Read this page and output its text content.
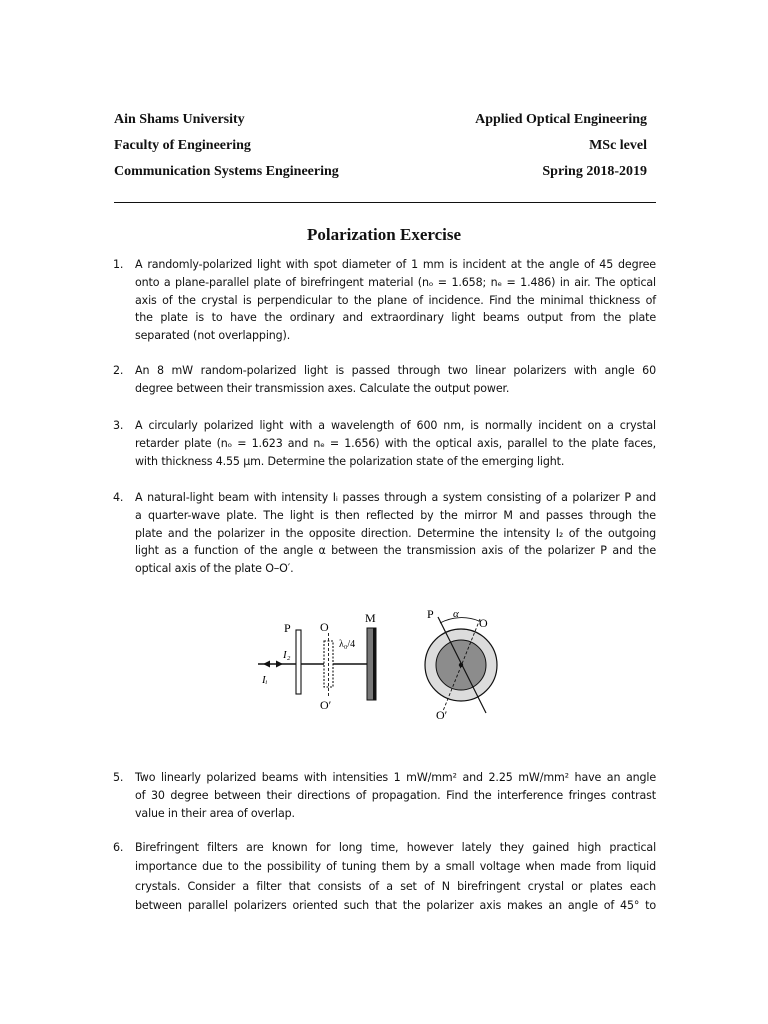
Ain Shams University	Applied Optical Engineering
Faculty of Engineering	MSc level
Communication Systems Engineering	Spring 2018-2019
Polarization Exercise
1. A randomly-polarized light with spot diameter of 1 mm is incident at the angle of 45 degree
onto a plane-parallel plate of birefringent material (nₒ = 1.658; nₑ = 1.486) in air. The optical
axis of the crystal is perpendicular to the plane of incidence. Find the minimal thickness of
the plate is to have the ordinary and extraordinary light beams output from the plate
separated (not overlapping).
2. An 8 mW random-polarized light is passed through two linear polarizers with angle 60
degree between their transmission axes. Calculate the output power.
3. A circularly polarized light with a wavelength of 600 nm, is normally incident on a crystal
retarder plate (nₒ = 1.623 and nₑ = 1.656) with the optical axis, parallel to the plate faces,
with thickness 4.55 μm. Determine the polarization state of the emerging light.
4. A natural-light beam with intensity Iᵢ passes through a system consisting of a polarizer P and
a quarter-wave plate. The light is then reflected by the mirror M and passes through the
plate and the polarizer in the opposite direction. Determine the intensity I₂ of the outgoing
light as a function of the angle α between the transmission axis of the polarizer P and the
optical axis of the plate O–O′.
P O
M
O′
I₂
Iᵢ
λ₀/4
P α
O
O′
5. Two linearly polarized beams with intensities 1 mW/mm² and 2.25 mW/mm² have an angle
of 30 degree between their directions of propagation. Find the interference fringes contrast
value in their area of overlap.
6. Birefringent filters are known for long time, however lately they gained high practical
importance due to the possibility of tuning them by a small voltage when made from liquid
crystals. Consider a filter that consists of a set of N birefringent crystal or plates each
between parallel polarizers oriented such that the polarizer axis makes an angle of 45° to
